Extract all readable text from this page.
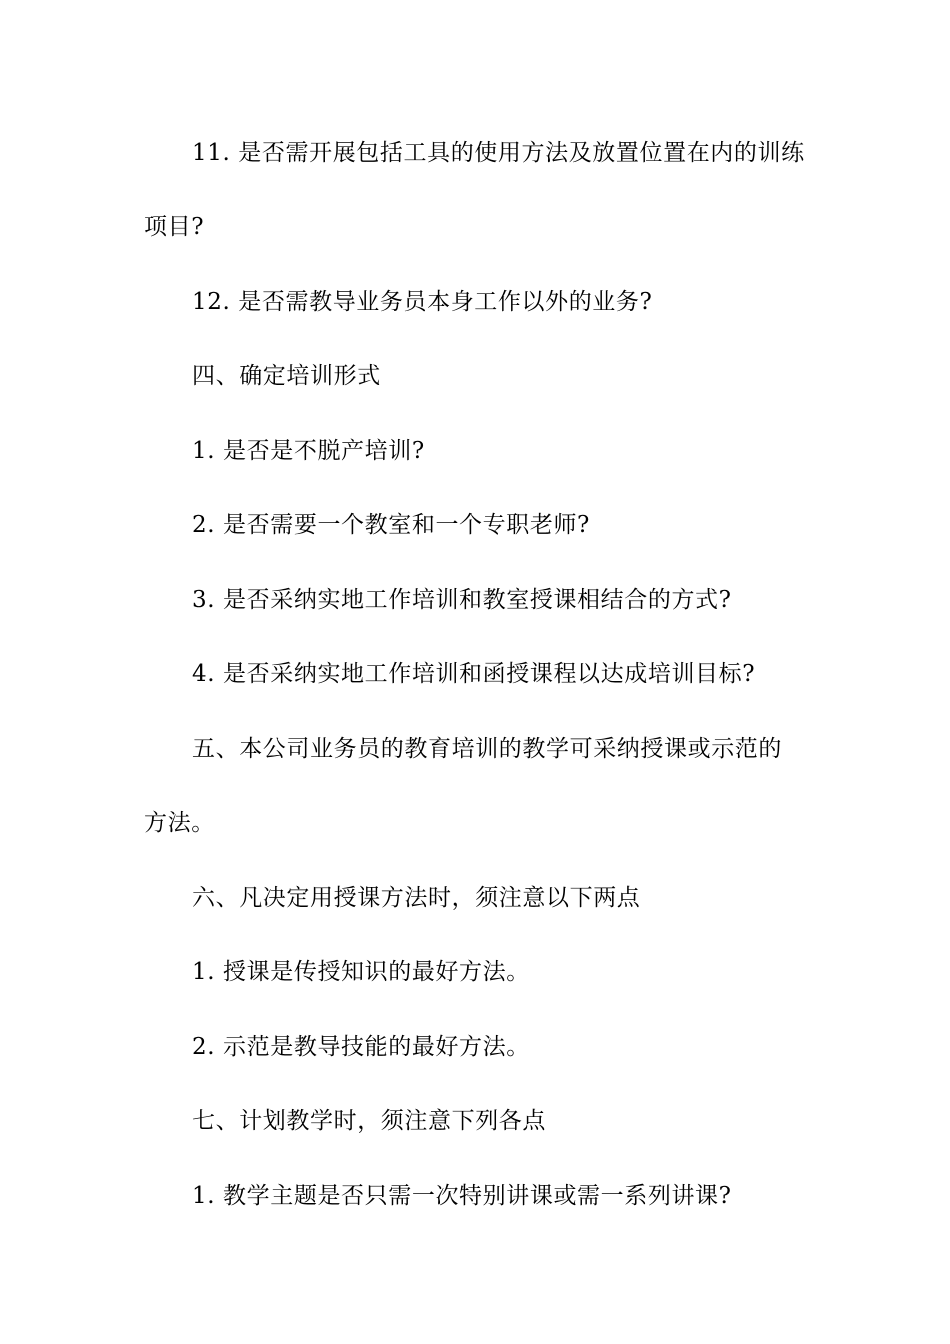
11. 是否需开展包括工具的使用方法及放置位置在内的训练
项目?
12. 是否需教导业务员本身工作以外的业务?
四、确定培训形式
1. 是否是不脱产培训?
2. 是否需要一个教室和一个专职老师?
3. 是否采纳实地工作培训和教室授课相结合的方式?
4. 是否采纳实地工作培训和函授课程以达成培训目标?
五、本公司业务员的教育培训的教学可采纳授课或示范的
方法。
六、凡决定用授课方法时，须注意以下两点
1. 授课是传授知识的最好方法。
2. 示范是教导技能的最好方法。
七、计划教学时，须注意下列各点
1. 教学主题是否只需一次特别讲课或需一系列讲课?
